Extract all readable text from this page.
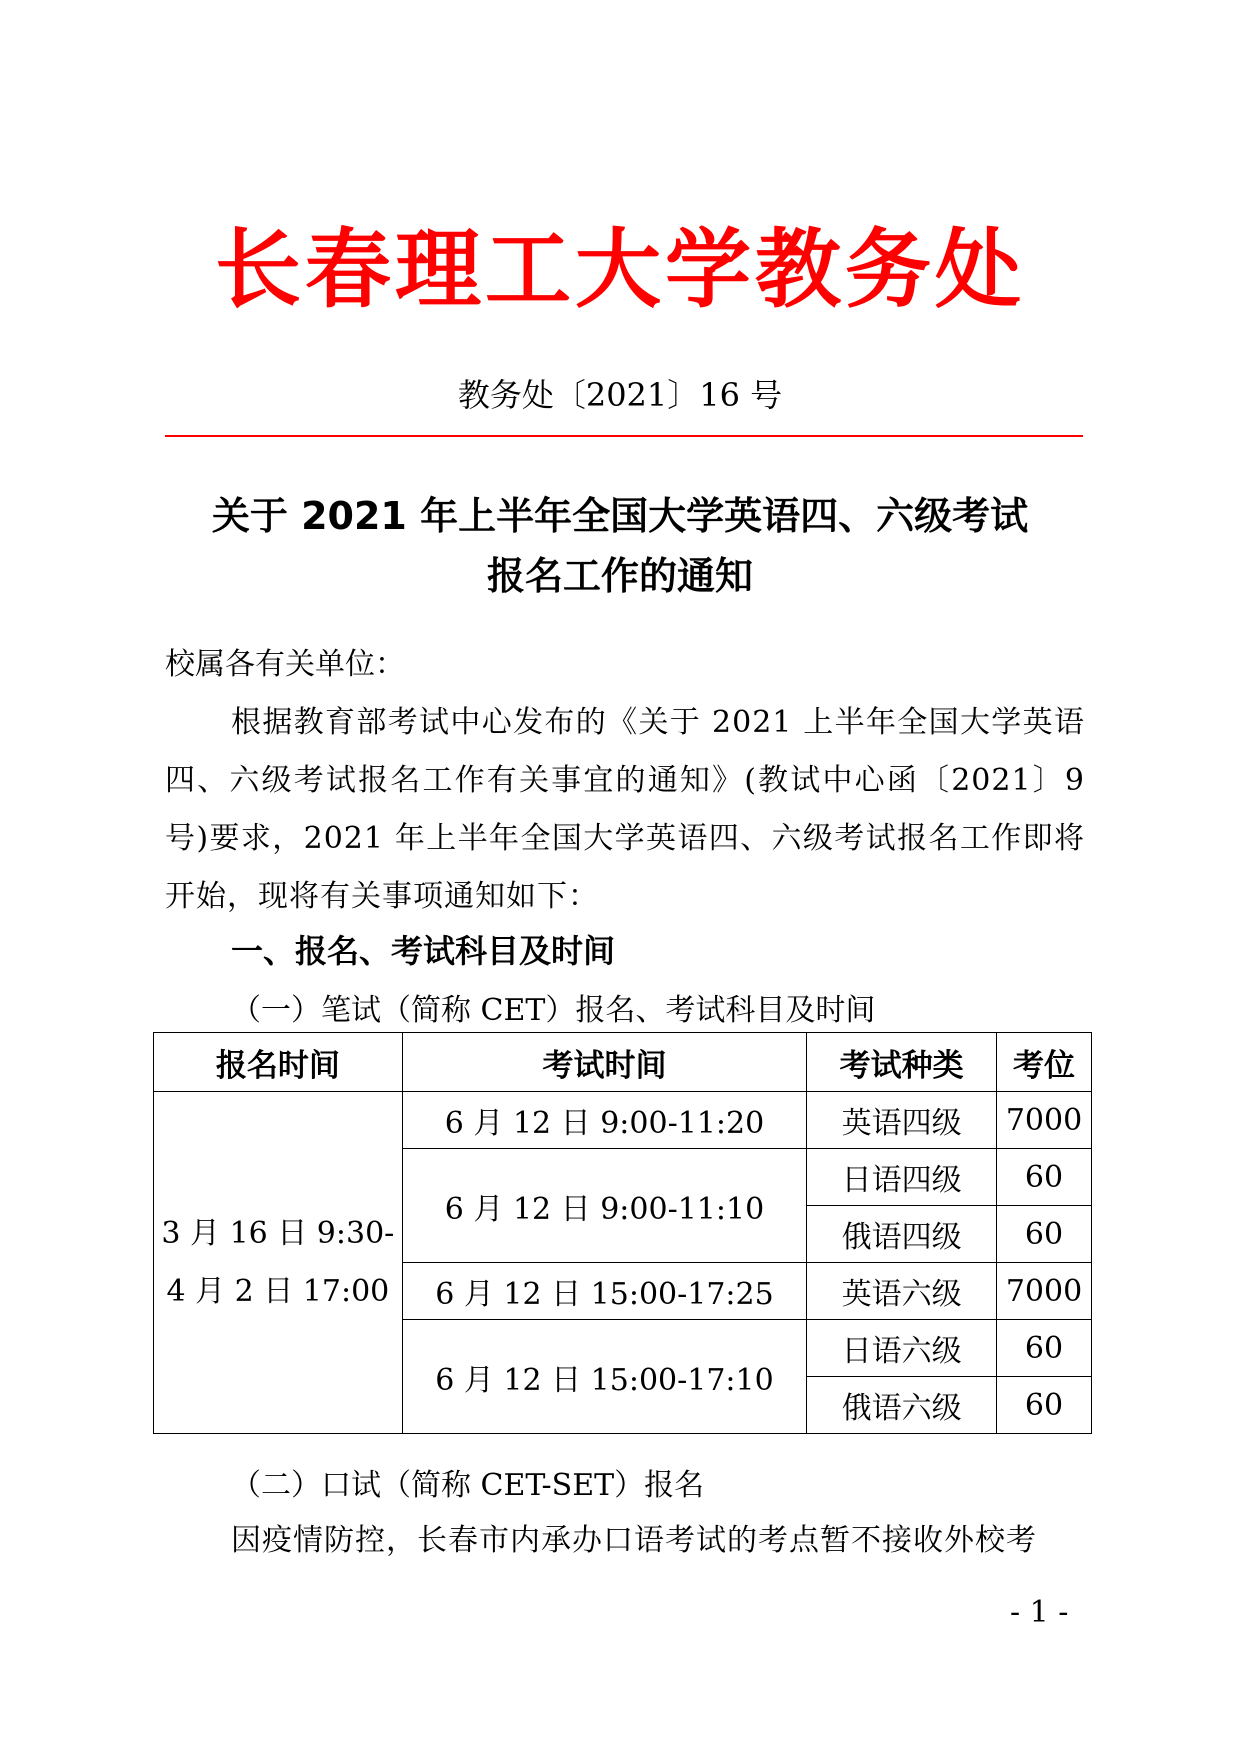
长春理工大学教务处
教务处〔2021〕16 号
关于 2021 年上半年全国大学英语四、六级考试
报名工作的通知
校属各有关单位：
根据教育部考试中心发布的《关于 2021 上半年全国大学英语四、六级考试报名工作有关事宜的通知》(教试中心函〔2021〕9 号)要求，2021 年上半年全国大学英语四、六级考试报名工作即将开始，现将有关事项通知如下：
一、报名、考试科目及时间
（一）笔试（简称 CET）报名、考试科目及时间
报名时间	考试时间	考试种类	考位

3 月 16 日 9:30-
4 月 2 日 17:00	6 月 12 日 9:00-11:20	英语四级	7000
	6 月 12 日 9:00-11:10	日语四级	60
		俄语四级	60
	6 月 12 日 15:00-17:25	英语六级	7000
	6 月 12 日 15:00-17:10	日语六级	60
		俄语六级	60
（二）口试（简称 CET-SET）报名
因疫情防控，长春市内承办口语考试的考点暂不接收外校考
- 1 -
